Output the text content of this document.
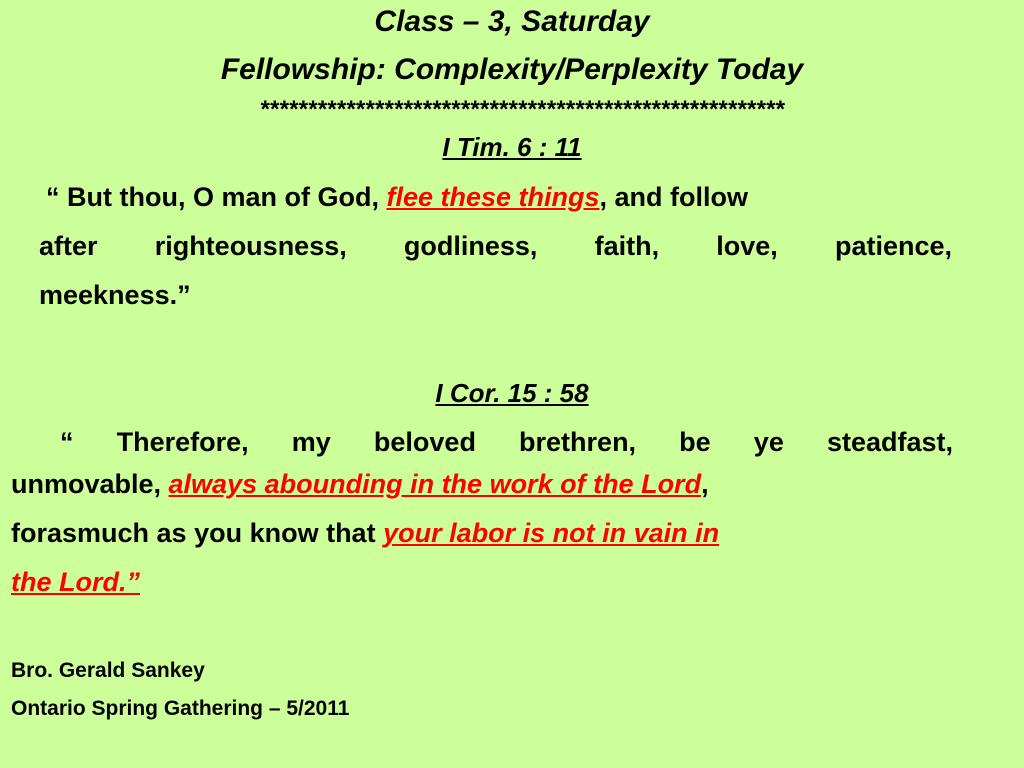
Class – 3, Saturday
Fellowship: Complexity/Perplexity Today
*******************************************************
I Tim. 6 : 11
“ But thou, O man of God, flee these things, and follow
after righteousness, godliness, faith, love, patience,
meekness.”
I Cor. 15 : 58
“ Therefore, my beloved brethren, be ye steadfast,
unmovable, always abounding in the work of the Lord,
forasmuch as you know that your labor is not in vain in
the Lord.”
Bro. Gerald Sankey
Ontario Spring Gathering – 5/2011
